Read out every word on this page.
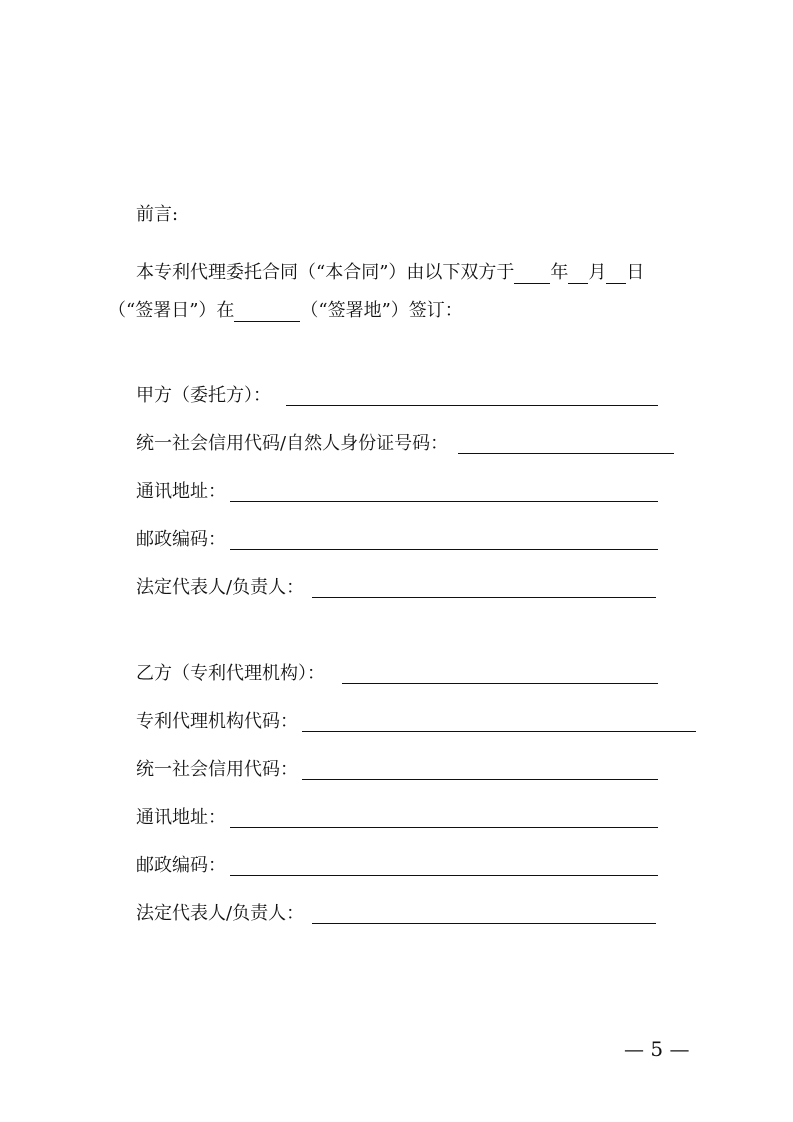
前言:
本专利代理委托合同（“本合同”）由以下双方于 年 月 日
（“签署日”）在	（“签署地”）签订：
甲方（委托方）：
统一社会信用代码/自然人身份证号码：
通讯地址：
邮政编码：
法定代表人/负责人：
乙方（专利代理机构）：
专利代理机构代码：
统一社会信用代码：
通讯地址：
邮政编码：
法定代表人/负责人：
— 5 —
